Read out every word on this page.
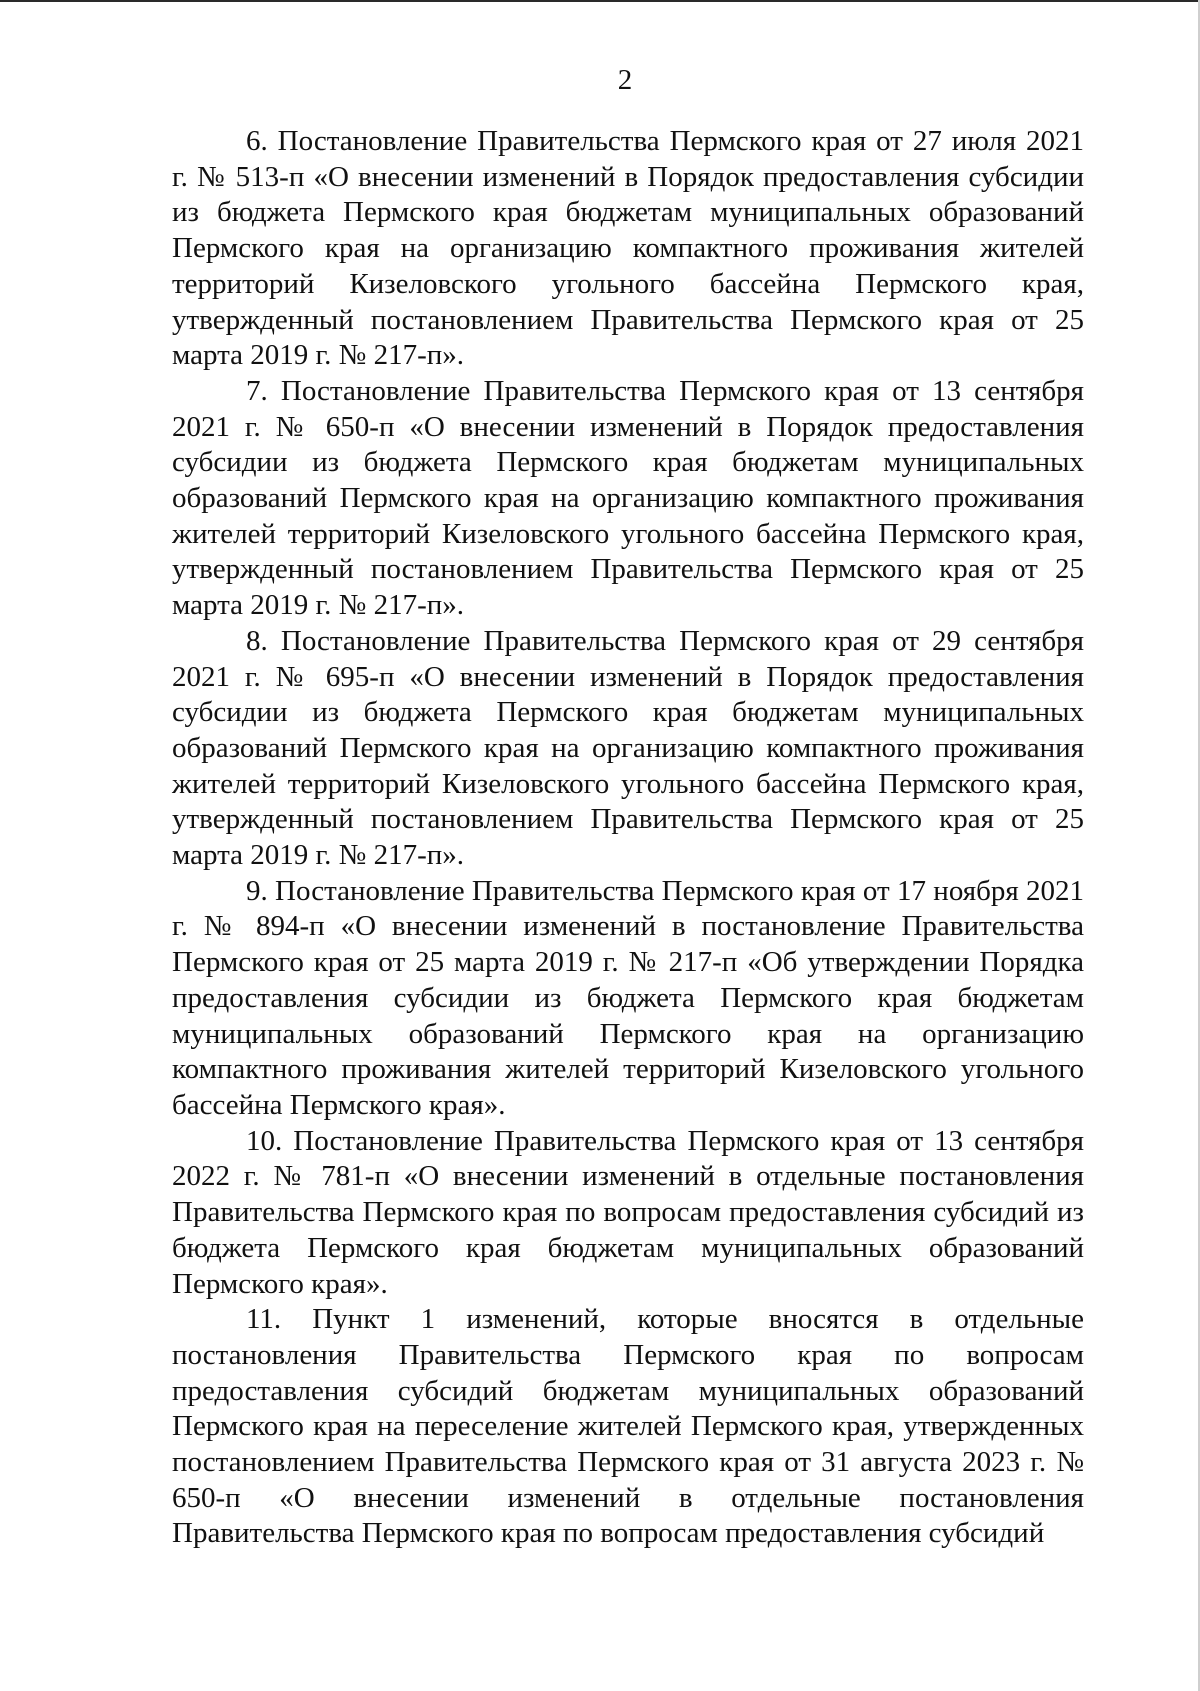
2

6. Постановление Правительства Пермского края от 27 июля 2021 г. № 513-п «О внесении изменений в Порядок предоставления субсидии из бюджета Пермского края бюджетам муниципальных образований Пермского края на организацию компактного проживания жителей территорий Кизеловского угольного бассейна Пермского края, утвержденный постановлением Правительства Пермского края от 25 марта 2019 г. № 217-п».

7. Постановление Правительства Пермского края от 13 сентября 2021 г. № 650-п «О внесении изменений в Порядок предоставления субсидии из бюджета Пермского края бюджетам муниципальных образований Пермского края на организацию компактного проживания жителей территорий Кизеловского угольного бассейна Пермского края, утвержденный постановлением Правительства Пермского края от 25 марта 2019 г. № 217-п».

8. Постановление Правительства Пермского края от 29 сентября 2021 г. № 695-п «О внесении изменений в Порядок предоставления субсидии из бюджета Пермского края бюджетам муниципальных образований Пермского края на организацию компактного проживания жителей территорий Кизеловского угольного бассейна Пермского края, утвержденный постановлением Правительства Пермского края от 25 марта 2019 г. № 217-п».

9. Постановление Правительства Пермского края от 17 ноября 2021 г. № 894-п «О внесении изменений в постановление Правительства Пермского края от 25 марта 2019 г. № 217-п «Об утверждении Порядка предоставления субсидии из бюджета Пермского края бюджетам муниципальных образований Пермского края на организацию компактного проживания жителей территорий Кизеловского угольного бассейна Пермского края».

10. Постановление Правительства Пермского края от 13 сентября 2022 г. № 781-п «О внесении изменений в отдельные постановления Правительства Пермского края по вопросам предоставления субсидий из бюджета Пермского края бюджетам муниципальных образований Пермского края».

11. Пункт 1 изменений, которые вносятся в отдельные постановления Правительства Пермского края по вопросам предоставления субсидий бюджетам муниципальных образований Пермского края на переселение жителей Пермского края, утвержденных постановлением Правительства Пермского края от 31 августа 2023 г. № 650-п «О внесении изменений в отдельные постановления Правительства Пермского края по вопросам предоставления субсидий
